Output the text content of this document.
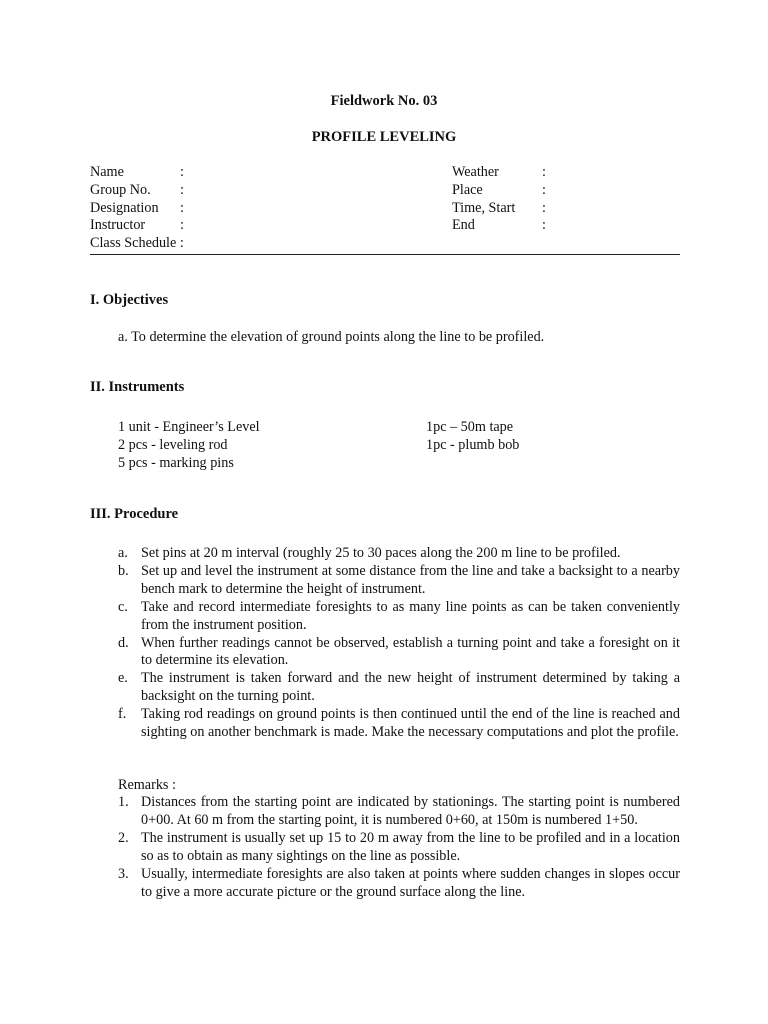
Fieldwork No. 03
PROFILE LEVELING
Name	:
Group No. :
Designation :
Instructor :
Class Schedule :
Weather	:
Place	:
Time, Start :
End	:
I. Objectives
a. To determine the elevation of ground points along the line to be profiled.
II. Instruments
1 unit - Engineer’s Level
2 pcs - leveling rod
5 pcs - marking pins
1pc – 50m tape
1pc - plumb bob
III. Procedure
a. Set pins at 20 m interval (roughly 25 to 30 paces along the 200 m line to be profiled.
b. Set up and level the instrument at some distance from the line and take a backsight to a nearby bench mark to determine the height of instrument.
c. Take and record intermediate foresights to as many line points as can be taken conveniently from the instrument position.
d. When further readings cannot be observed, establish a turning point and take a foresight on it to determine its elevation.
e. The instrument is taken forward and the new height of instrument determined by taking a backsight on the turning point.
f. Taking rod readings on ground points is then continued until the end of the line is reached and sighting on another benchmark is made. Make the necessary computations and plot the profile.
Remarks :
1. Distances from the starting point are indicated by stationings. The starting point is numbered 0+00. At 60 m from the starting point, it is numbered 0+60, at 150m is numbered 1+50.
2. The instrument is usually set up 15 to 20 m away from the line to be profiled and in a location so as to obtain as many sightings on the line as possible.
3. Usually, intermediate foresights are also taken at points where sudden changes in slopes occur to give a more accurate picture or the ground surface along the line.
